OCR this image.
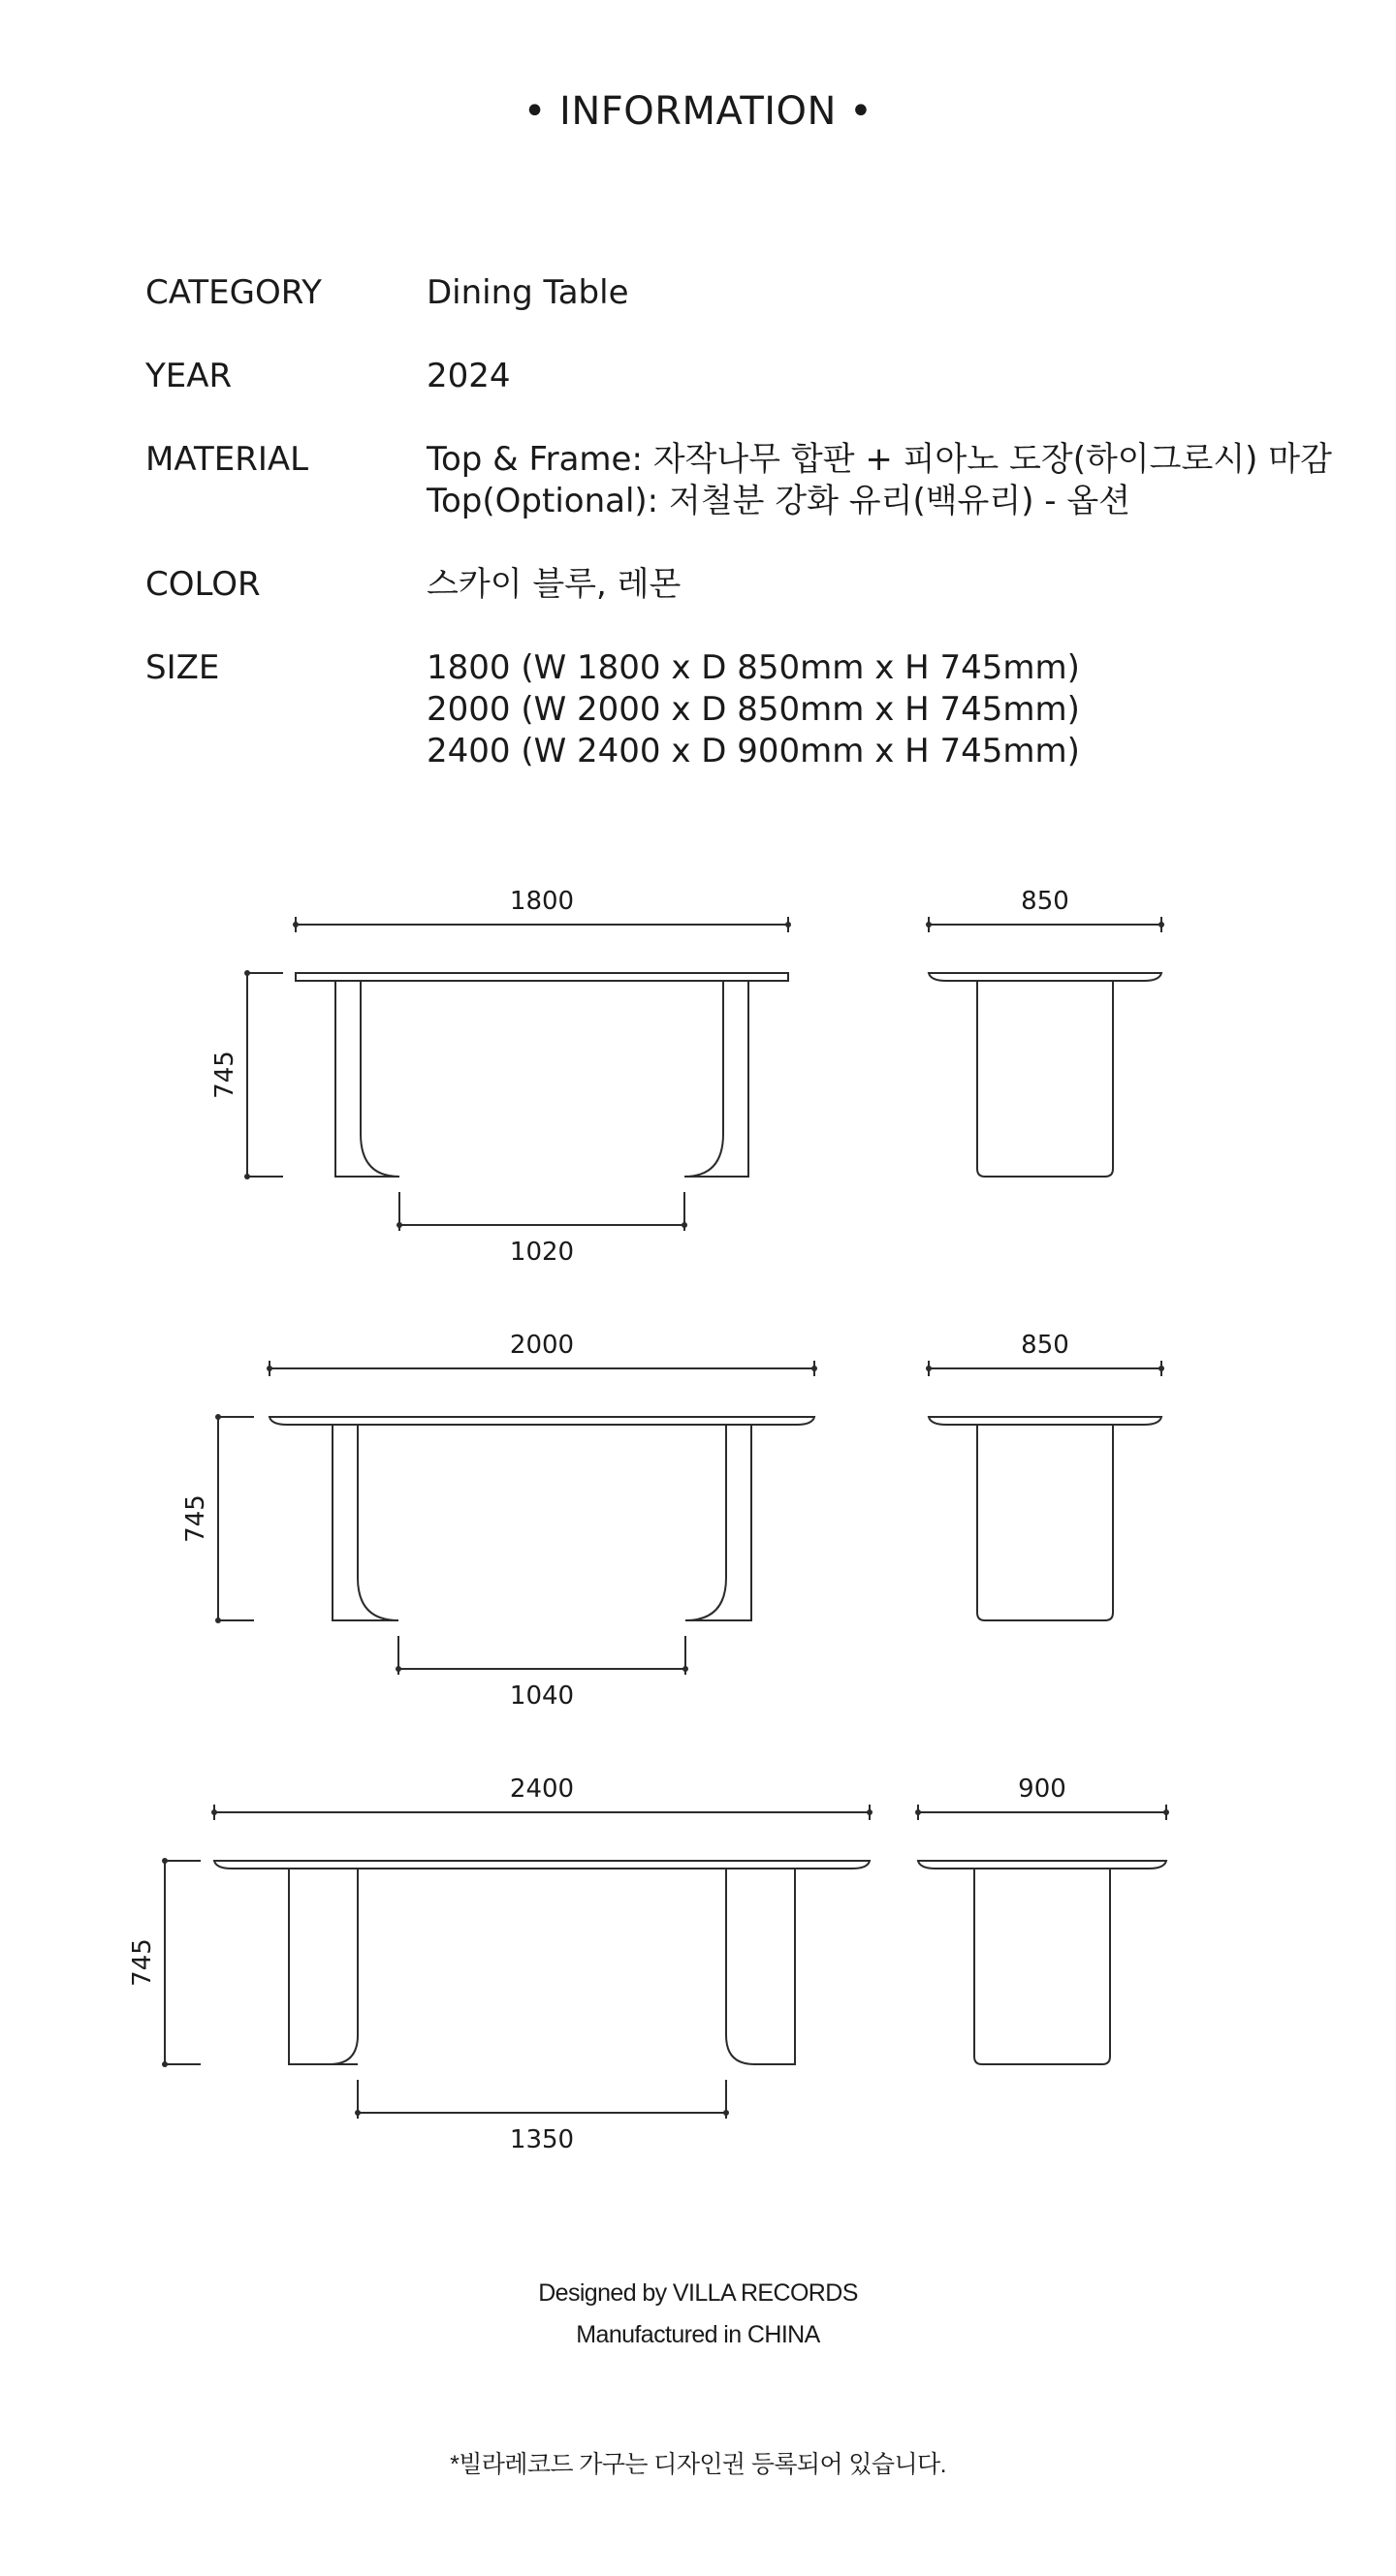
• INFORMATION •
CATEGORY	Dining Table
YEAR	2024
MATERIAL	Top & Frame: 자작나무 합판 + 피아노 도장(하이그로시) 마감
Top(Optional): 저철분 강화 유리(백유리) - 옵션
COLOR	스카이 블루, 레몬
SIZE	1800 (W 1800 x D 850mm x H 745mm)
2000 (W 2000 x D 850mm x H 745mm)
2400 (W 2400 x D 900mm x H 745mm)
1800
745
1020
850
2000
745
1040
850
2400
745
1350
900
Designed by VILLA RECORDS
Manufactured in CHINA
*빌라레코드 가구는 디자인권 등록되어 있습니다.
